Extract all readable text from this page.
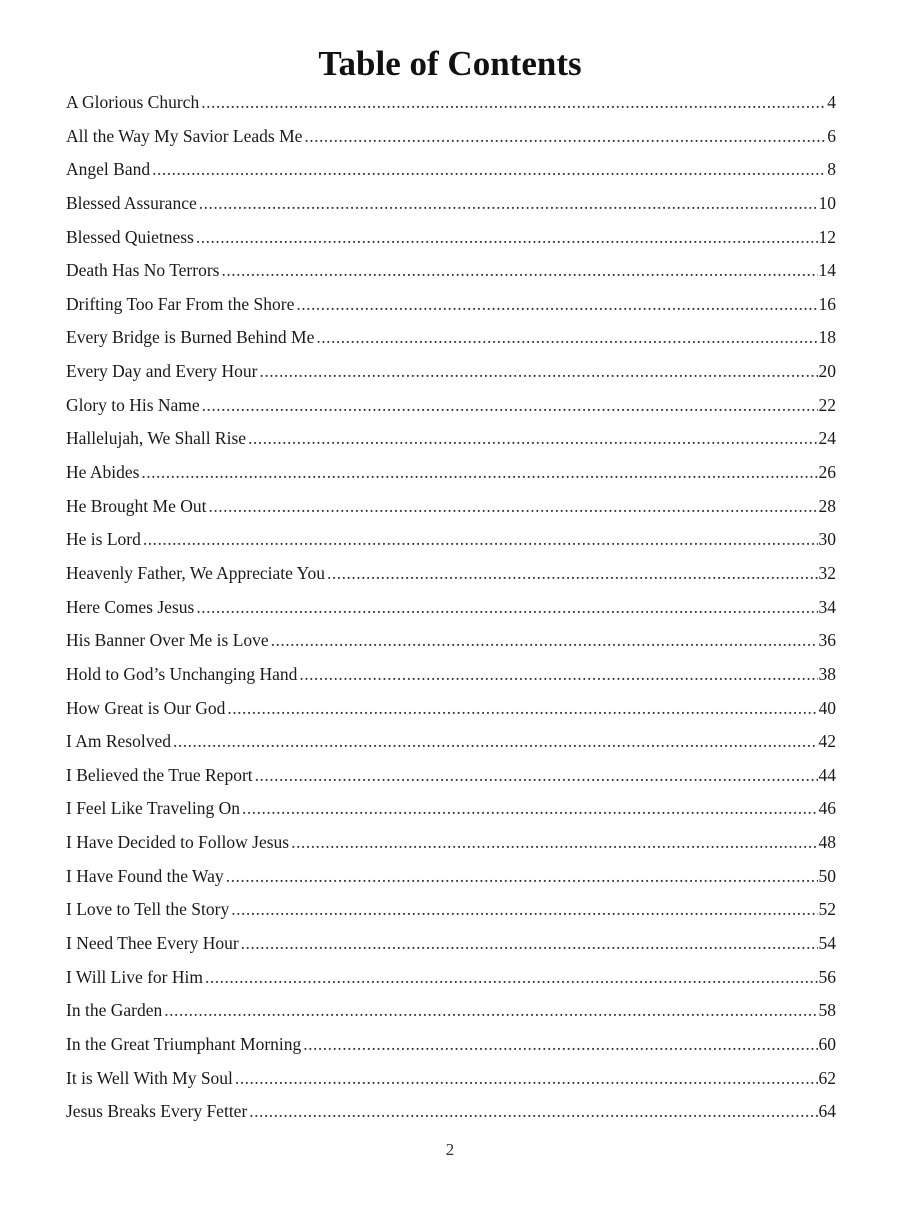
Table of Contents
A Glorious Church .....	4
All the Way My Savior Leads Me .....	6
Angel Band .....	8
Blessed Assurance .....	10
Blessed Quietness .....	12
Death Has No Terrors .....	14
Drifting Too Far From the Shore .....	16
Every Bridge is Burned Behind Me .....	18
Every Day and Every Hour .....	20
Glory to His Name .....	22
Hallelujah, We Shall Rise .....	24
He Abides .....	26
He Brought Me Out .....	28
He is Lord .....	30
Heavenly Father, We Appreciate You .....	32
Here Comes Jesus .....	34
His Banner Over Me is Love .....	36
Hold to God’s Unchanging Hand .....	38
How Great is Our God .....	40
I Am Resolved .....	42
I Believed the True Report .....	44
I Feel Like Traveling On .....	46
I Have Decided to Follow Jesus .....	48
I Have Found the Way .....	50
I Love to Tell the Story .....	52
I Need Thee Every Hour .....	54
I Will Live for Him .....	56
In the Garden .....	58
In the Great Triumphant Morning .....	60
It is Well With My Soul .....	62
Jesus Breaks Every Fetter .....	64
2
